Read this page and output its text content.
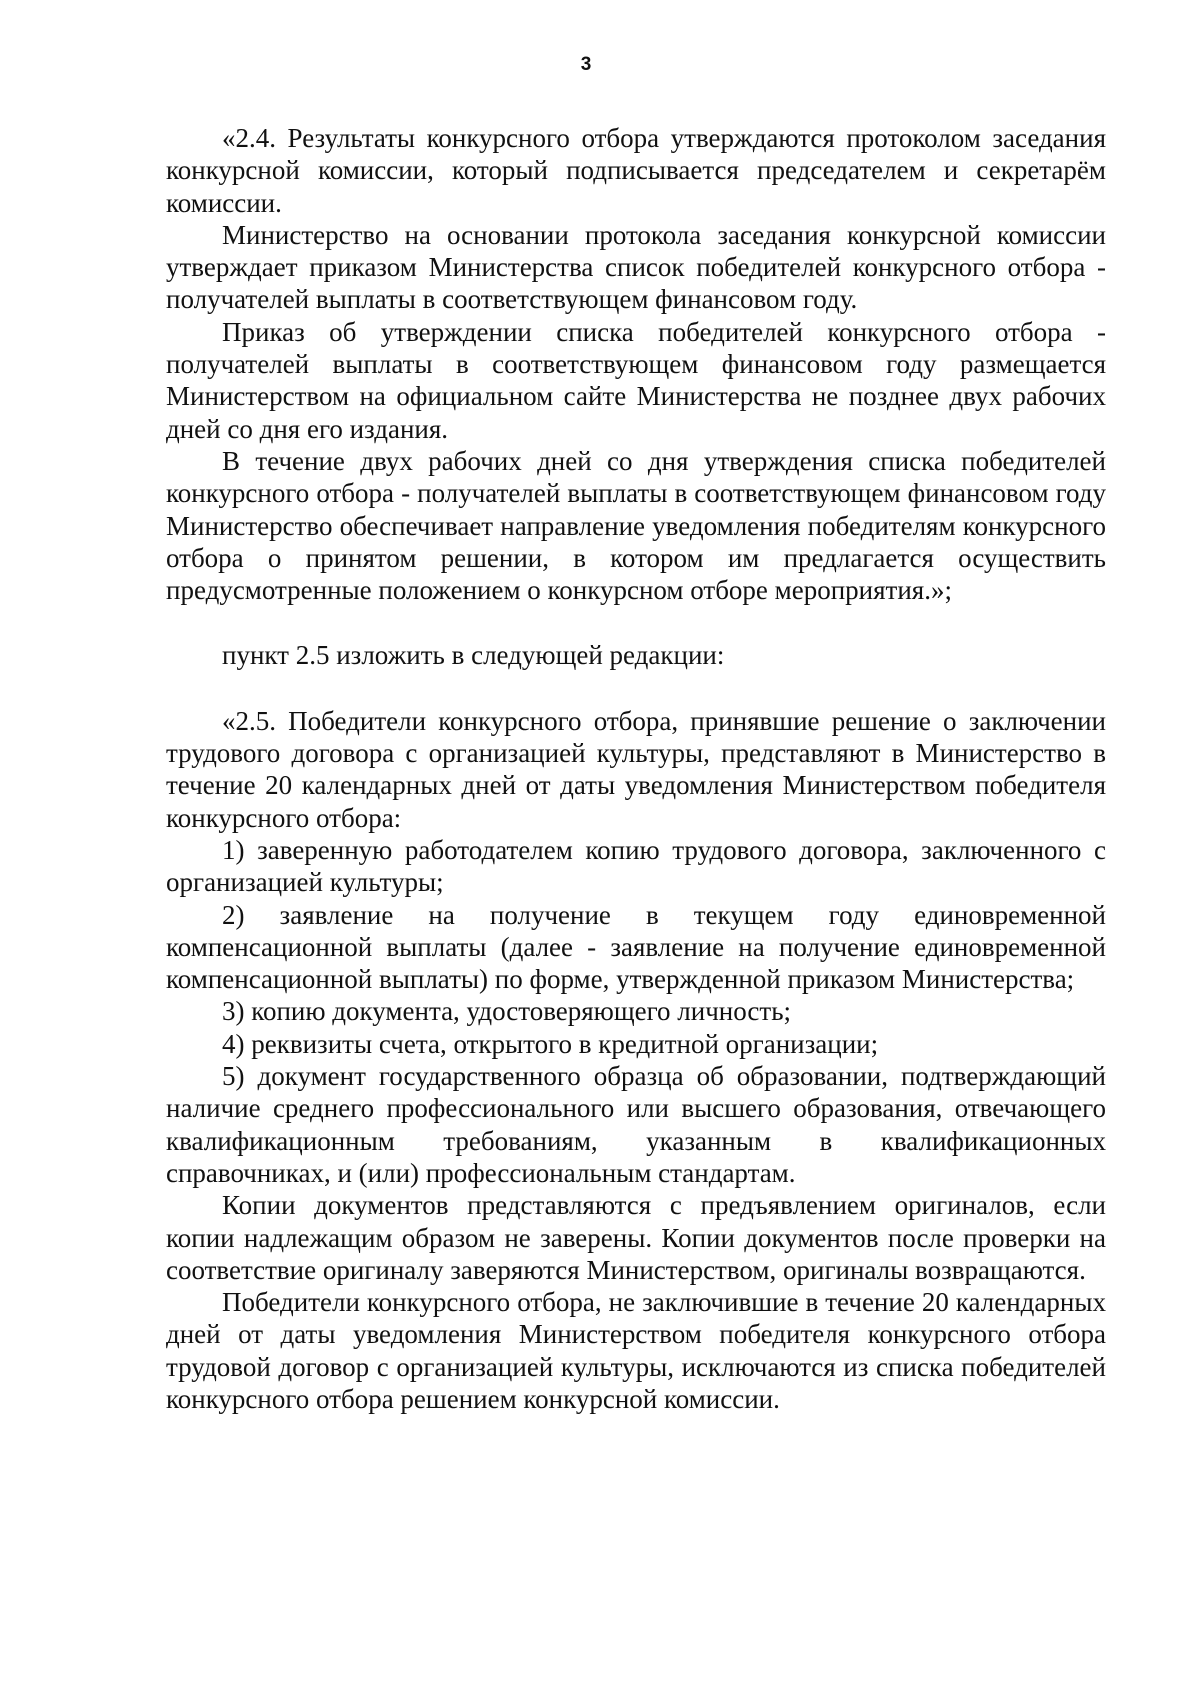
3

«2.4. Результаты конкурсного отбора утверждаются протоколом заседания конкурсной комиссии, который подписывается председателем и секретарём комиссии.

Министерство на основании протокола заседания конкурсной комиссии утверждает приказом Министерства список победителей конкурсного отбора - получателей выплаты в соответствующем финансовом году.

Приказ об утверждении списка победителей конкурсного отбора - получателей выплаты в соответствующем финансовом году размещается Министерством на официальном сайте Министерства не позднее двух рабочих дней со дня его издания.

В течение двух рабочих дней со дня утверждения списка победителей конкурсного отбора - получателей выплаты в соответствующем финансовом году Министерство обеспечивает направление уведомления победителям конкурсного отбора о принятом решении, в котором им предлагается осуществить предусмотренные положением о конкурсном отборе мероприятия.»;

пункт 2.5 изложить в следующей редакции:

«2.5. Победители конкурсного отбора, принявшие решение о заключении трудового договора с организацией культуры, представляют в Министерство в течение 20 календарных дней от даты уведомления Министерством победителя конкурсного отбора:

1) заверенную работодателем копию трудового договора, заключенного с организацией культуры;

2) заявление на получение в текущем году единовременной компенсационной выплаты (далее - заявление на получение единовременной компенсационной выплаты) по форме, утвержденной приказом Министерства;

3) копию документа, удостоверяющего личность;

4) реквизиты счета, открытого в кредитной организации;

5) документ государственного образца об образовании, подтверждающий наличие среднего профессионального или высшего образования, отвечающего квалификационным требованиям, указанным в квалификационных справочниках, и (или) профессиональным стандартам.

Копии документов представляются с предъявлением оригиналов, если копии надлежащим образом не заверены. Копии документов после проверки на соответствие оригиналу заверяются Министерством, оригиналы возвращаются.

Победители конкурсного отбора, не заключившие в течение 20 календарных дней от даты уведомления Министерством победителя конкурсного отбора трудовой договор с организацией культуры, исключаются из списка победителей конкурсного отбора решением конкурсной комиссии.
